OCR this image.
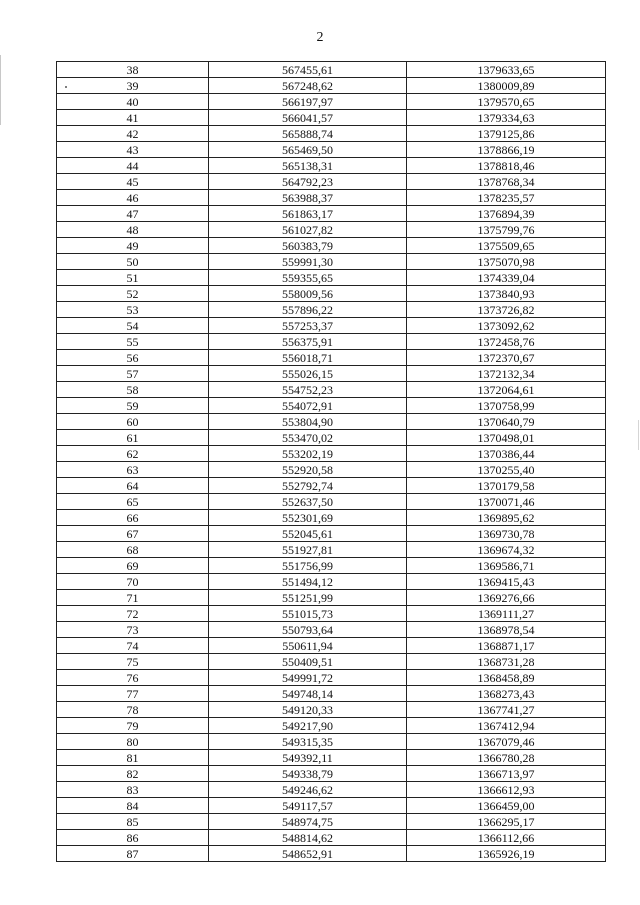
2
38	567455,61	1379633,65
39	567248,62	1380009,89
40	566197,97	1379570,65
41	566041,57	1379334,63
42	565888,74	1379125,86
43	565469,50	1378866,19
44	565138,31	1378818,46
45	564792,23	1378768,34
46	563988,37	1378235,57
47	561863,17	1376894,39
48	561027,82	1375799,76
49	560383,79	1375509,65
50	559991,30	1375070,98
51	559355,65	1374339,04
52	558009,56	1373840,93
53	557896,22	1373726,82
54	557253,37	1373092,62
55	556375,91	1372458,76
56	556018,71	1372370,67
57	555026,15	1372132,34
58	554752,23	1372064,61
59	554072,91	1370758,99
60	553804,90	1370640,79
61	553470,02	1370498,01
62	553202,19	1370386,44
63	552920,58	1370255,40
64	552792,74	1370179,58
65	552637,50	1370071,46
66	552301,69	1369895,62
67	552045,61	1369730,78
68	551927,81	1369674,32
69	551756,99	1369586,71
70	551494,12	1369415,43
71	551251,99	1369276,66
72	551015,73	1369111,27
73	550793,64	1368978,54
74	550611,94	1368871,17
75	550409,51	1368731,28
76	549991,72	1368458,89
77	549748,14	1368273,43
78	549120,33	1367741,27
79	549217,90	1367412,94
80	549315,35	1367079,46
81	549392,11	1366780,28
82	549338,79	1366713,97
83	549246,62	1366612,93
84	549117,57	1366459,00
85	548974,75	1366295,17
86	548814,62	1366112,66
87	548652,91	1365926,19
